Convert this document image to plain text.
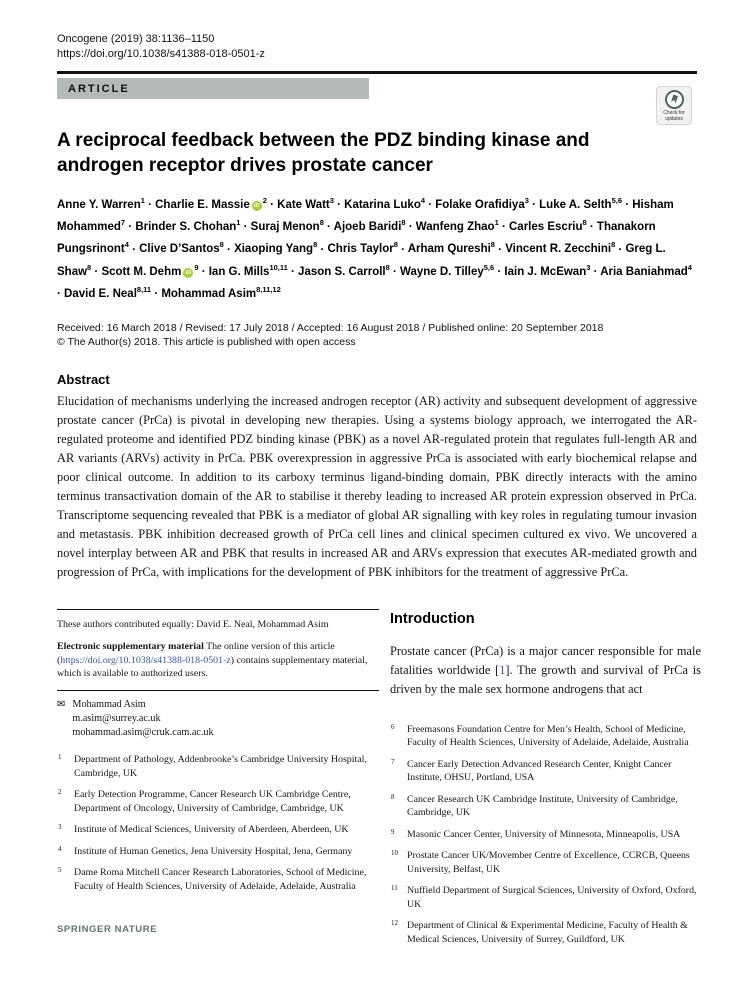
Oncogene (2019) 38:1136–1150
https://doi.org/10.1038/s41388-018-0501-z
ARTICLE
Check for updates
A reciprocal feedback between the PDZ binding kinase and androgen receptor drives prostate cancer
Anne Y. Warren$^1$ · Charlie E. Massie $iD^2$ · Kate Watt$^3$ · Katarina Luko$^4$ · Folake Orafidiya$^3$ · Luke A. Selth$^{5,6}$ · Hisham Mohammed$^7$ · Brinder S. Chohan$^1$ · Suraj Menon$^8$ · Ajoeb Baridi$^8$ · Wanfeng Zhao$^1$ · Carles Escriu$^8$ · Thanakorn Pungsrinont$^4$ · Clive D’Santos$^8$ · Xiaoping Yang$^8$ · Chris Taylor$^8$ · Arham Qureshi$^8$ · Vincent R. Zecchini$^8$ · Greg L. Shaw$^8$ · Scott M. Dehm $iD^9$ · Ian G. Mills$^{10,11}$ · Jason S. Carroll$^8$ · Wayne D. Tilley$^{5,6}$ · Iain J. McEwan$^3$ · Aria Baniahmad$^4$ · David E. Neal$^{8,11}$ · Mohammad Asim$^{8,11,12}$
Received: 16 March 2018 / Revised: 17 July 2018 / Accepted: 16 August 2018 / Published online: 20 September 2018
© The Author(s) 2018. This article is published with open access
Abstract
Elucidation of mechanisms underlying the increased androgen receptor (AR) activity and subsequent development of aggressive prostate cancer (PrCa) is pivotal in developing new therapies. Using a systems biology approach, we interrogated the AR-regulated proteome and identified PDZ binding kinase (PBK) as a novel AR-regulated protein that regulates full-length AR and AR variants (ARVs) activity in PrCa. PBK overexpression in aggressive PrCa is associated with early biochemical relapse and poor clinical outcome. In addition to its carboxy terminus ligand-binding domain, PBK directly interacts with the amino terminus transactivation domain of the AR to stabilise it thereby leading to increased AR protein expression observed in PrCa. Transcriptome sequencing revealed that PBK is a mediator of global AR signalling with key roles in regulating tumour invasion and metastasis. PBK inhibition decreased growth of PrCa cell lines and clinical specimen cultured ex vivo. We uncovered a novel interplay between AR and PBK that results in increased AR and ARVs expression that executes AR-mediated growth and progression of PrCa, with implications for the development of PBK inhibitors for the treatment of aggressive PrCa.
These authors contributed equally: David E. Neal, Mohammad Asim
Electronic supplementary material The online version of this article (https://doi.org/10.1038/s41388-018-0501-z) contains supplementary material, which is available to authorized users.
✉ Mohammad Asim
m.asim@surrey.ac.uk
mohammad.asim@cruk.cam.ac.uk
1	Department of Pathology, Addenbrooke’s Cambridge University Hospital, Cambridge, UK
2	Early Detection Programme, Cancer Research UK Cambridge Centre, Department of Oncology, University of Cambridge, Cambridge, UK
3	Institute of Medical Sciences, University of Aberdeen, Aberdeen, UK
4	Institute of Human Genetics, Jena University Hospital, Jena, Germany
5	Dame Roma Mitchell Cancer Research Laboratories, School of Medicine, Faculty of Health Sciences, University of Adelaide, Adelaide, Australia
Introduction
Prostate cancer (PrCa) is a major cancer responsible for male fatalities worldwide [1]. The growth and survival of PrCa is driven by the male sex hormone androgens that act
6	Freemasons Foundation Centre for Men’s Health, School of Medicine, Faculty of Health Sciences, University of Adelaide, Adelaide, Australia
7	Cancer Early Detection Advanced Research Center, Knight Cancer Institute, OHSU, Portland, USA
8	Cancer Research UK Cambridge Institute, University of Cambridge, Cambridge, UK
9	Masonic Cancer Center, University of Minnesota, Minneapolis, USA
10 Prostate Cancer UK/Movember Centre of Excellence, CCRCB, Queens University, Belfast, UK
11 Nuffield Department of Surgical Sciences, University of Oxford, Oxford, UK
12 Department of Clinical & Experimental Medicine, Faculty of Health & Medical Sciences, University of Surrey, Guildford, UK
SPRINGER NATURE
